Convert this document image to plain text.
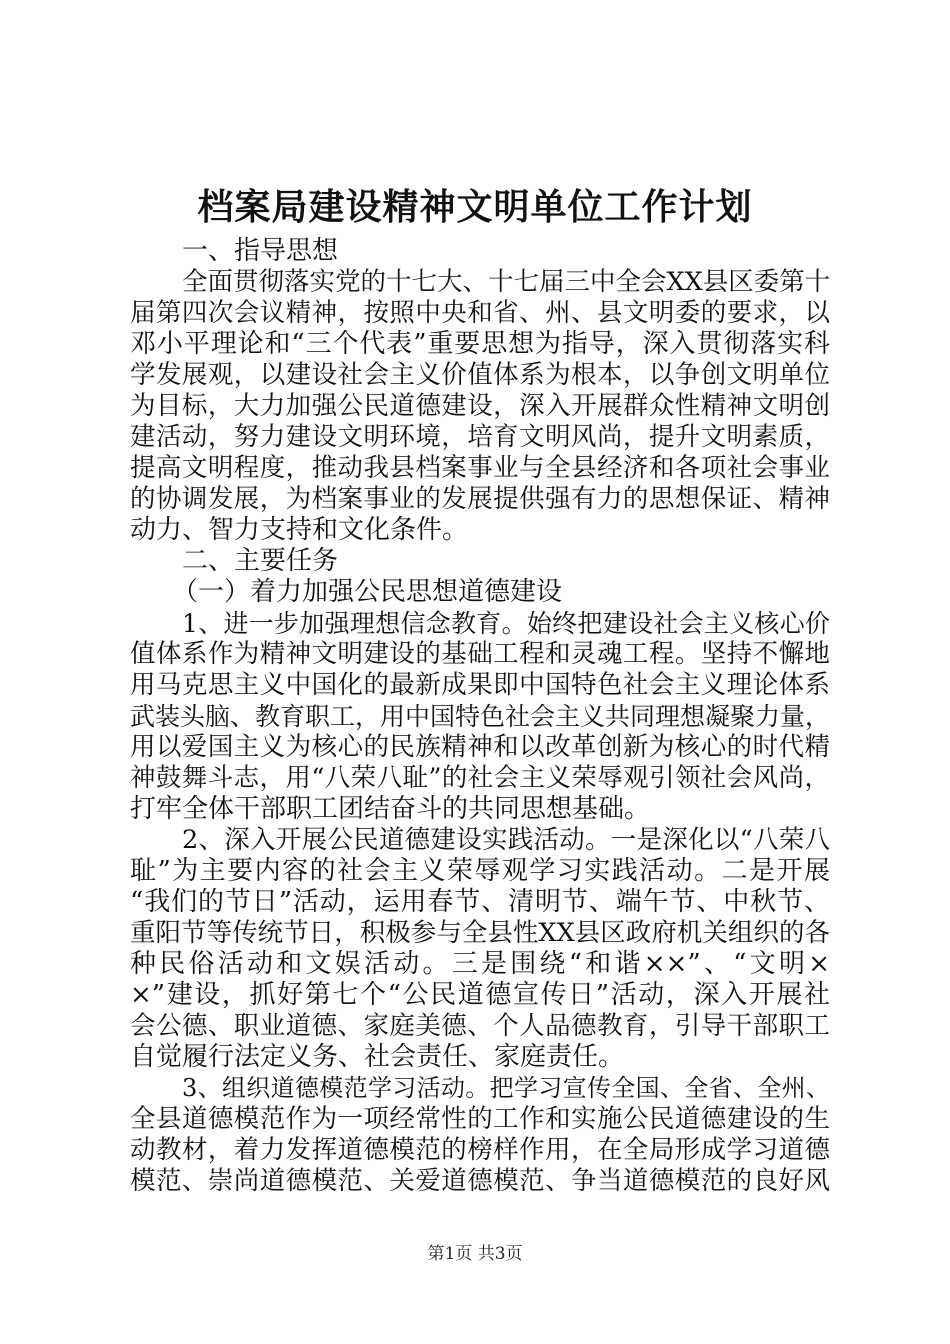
档案局建设精神文明单位工作计划
一、指导思想
全面贯彻落实党的十七大、十七届三中全会XX县区委第十
届第四次会议精神，按照中央和省、州、县文明委的要求，以
邓小平理论和“三个代表”重要思想为指导，深入贯彻落实科
学发展观，以建设社会主义价值体系为根本，以争创文明单位
为目标，大力加强公民道德建设，深入开展群众性精神文明创
建活动，努力建设文明环境，培育文明风尚，提升文明素质，
提高文明程度，推动我县档案事业与全县经济和各项社会事业
的协调发展，为档案事业的发展提供强有力的思想保证、精神
动力、智力支持和文化条件。
二、主要任务
（一）着力加强公民思想道德建设
1、进一步加强理想信念教育。始终把建设社会主义核心价
值体系作为精神文明建设的基础工程和灵魂工程。坚持不懈地
用马克思主义中国化的最新成果即中国特色社会主义理论体系
武装头脑、教育职工，用中国特色社会主义共同理想凝聚力量，
用以爱国主义为核心的民族精神和以改革创新为核心的时代精
神鼓舞斗志，用“八荣八耻”的社会主义荣辱观引领社会风尚，
打牢全体干部职工团结奋斗的共同思想基础。
2、深入开展公民道德建设实践活动。一是深化以“八荣八
耻”为主要内容的社会主义荣辱观学习实践活动。二是开展
“我们的节日”活动，运用春节、清明节、端午节、中秋节、
重阳节等传统节日，积极参与全县性XX县区政府机关组织的各
种民俗活动和文娱活动。三是围绕“和谐××”、“文明×
×”建设，抓好第七个“公民道德宣传日”活动，深入开展社
会公德、职业道德、家庭美德、个人品德教育，引导干部职工
自觉履行法定义务、社会责任、家庭责任。
3、组织道德模范学习活动。把学习宣传全国、全省、全州、
全县道德模范作为一项经常性的工作和实施公民道德建设的生
动教材，着力发挥道德模范的榜样作用，在全局形成学习道德
模范、崇尚道德模范、关爱道德模范、争当道德模范的良好风
第1页 共3页
